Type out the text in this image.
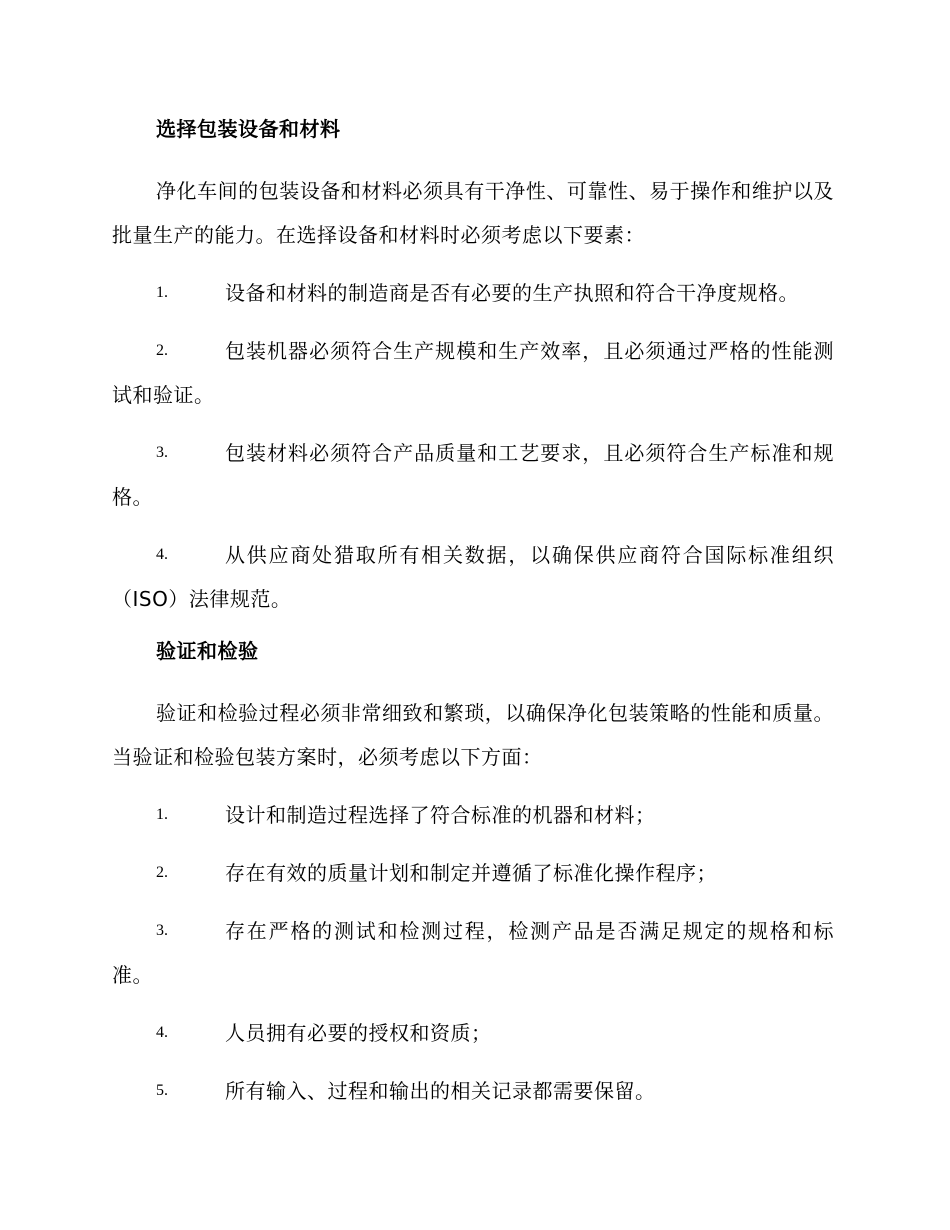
选择包装设备和材料
净化车间的包装设备和材料必须具有干净性、可靠性、易于操作和维护以及批量生产的能力。在选择设备和材料时必须考虑以下要素：
1.	设备和材料的制造商是否有必要的生产执照和符合干净度规格。
2.	包装机器必须符合生产规模和生产效率，且必须通过严格的性能测试和验证。
3.	包装材料必须符合产品质量和工艺要求，且必须符合生产标准和规格。
4.	从供应商处猎取所有相关数据，以确保供应商符合国际标准组织（ISO）法律规范。
验证和检验
验证和检验过程必须非常细致和繁琐，以确保净化包装策略的性能和质量。当验证和检验包装方案时，必须考虑以下方面：
1.	设计和制造过程选择了符合标准的机器和材料；
2.	存在有效的质量计划和制定并遵循了标准化操作程序；
3.	存在严格的测试和检测过程，检测产品是否满足规定的规格和标准。
4.	人员拥有必要的授权和资质；
5.	所有输入、过程和输出的相关记录都需要保留。
